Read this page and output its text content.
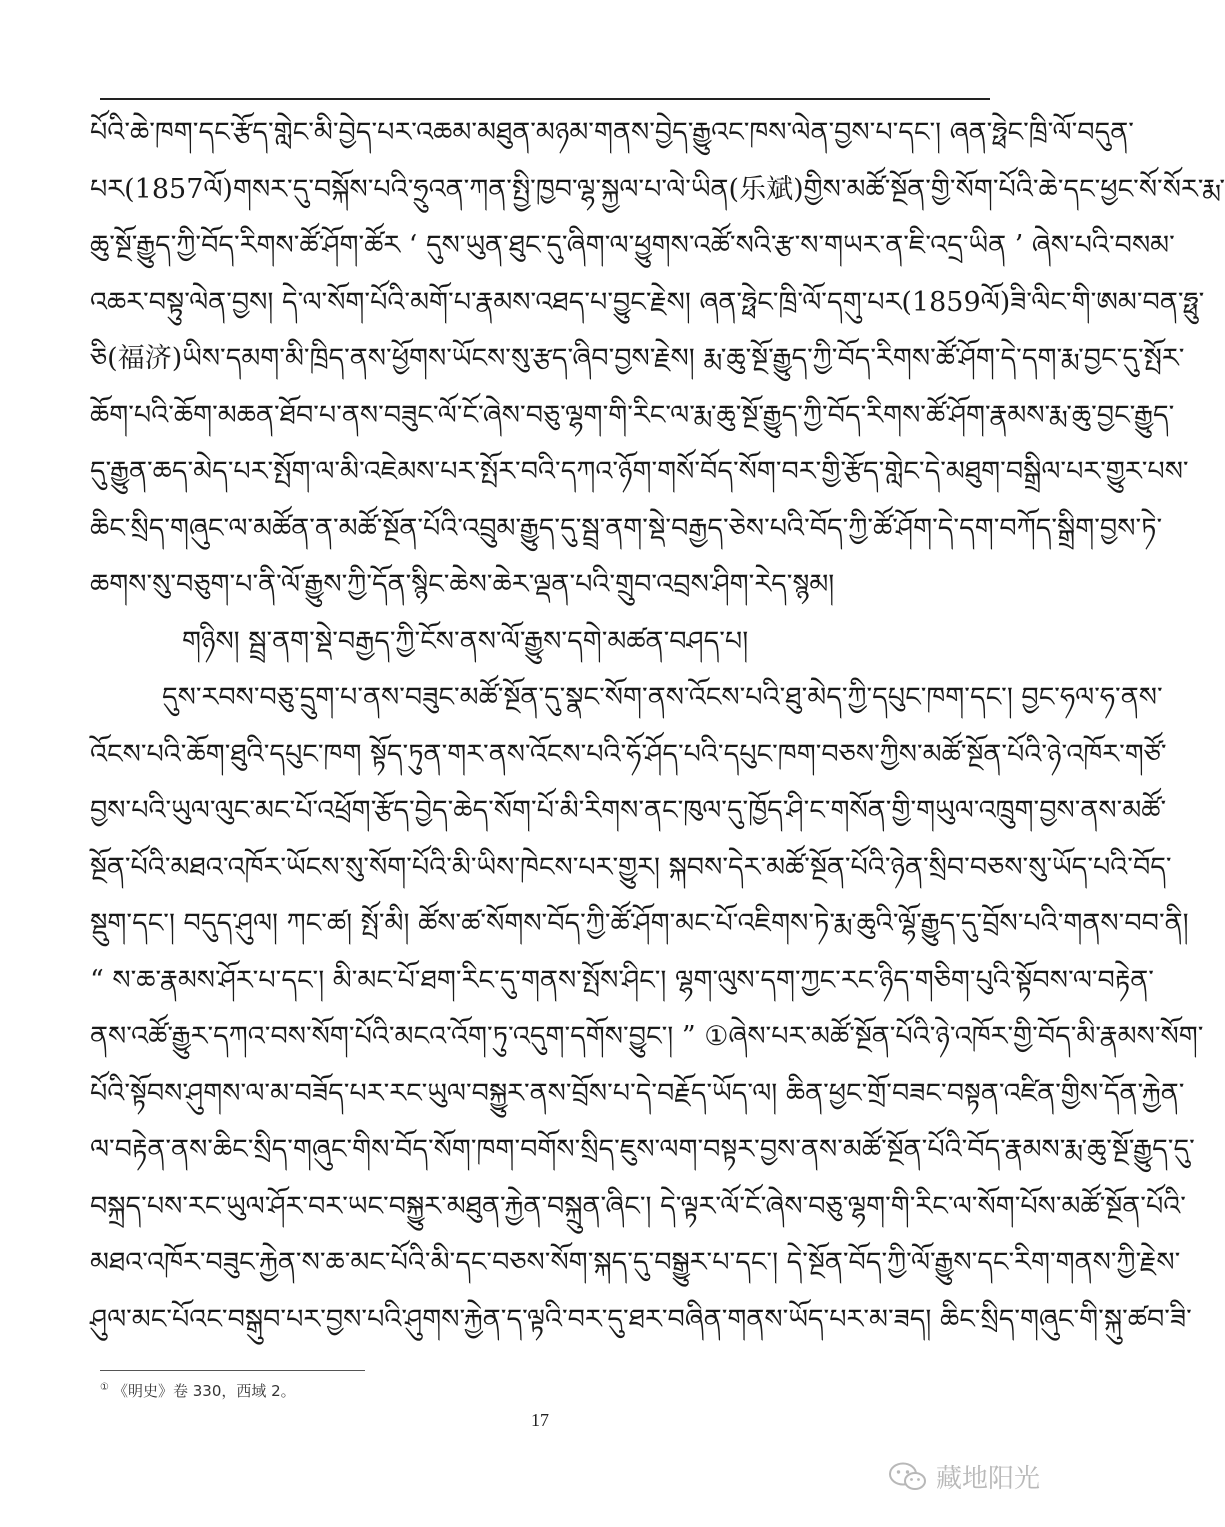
པོའི་ཆེ་ཁག་དང་རྩོད་གླེང་མི་བྱེད་པར་འཆམ་མཐུན་མཉམ་གནས་བྱེད་རྒྱུའང་ཁས་ལེན་བྱས་པ་དང་། ཞན་ཧྥེང་ཁྲི་ལོ་བདུན་
པར(1857ལོ)གསར་དུ་བསྐོས་པའི་ཧྲུའན་ཀན་སྤྱི་ཁྱབ་ལྷ་སྐྱལ་པ་ལེ་ཡིན(乐斌)གྱིས་མཚོ་སྔོན་གྱི་སོག་པོའི་ཆེ་དང་ཕྱང་སོ་སོར་རྨ་
ཆུ་སྔོ་རྒྱུད་ཀྱི་བོད་རིགས་ཚོ་ཤོག་ཚོར ‘ དུས་ཡུན་ཐུང་དུ་ཞིག་ལ་ཕྱུགས་འཚོ་སའི་རྩ་ས་གཡར་ན་ཇི་འདྲ་ཡིན ’ ཞེས་པའི་བསམ་
འཆར་བསྟུ་ལེན་བྱས། དེ་ལ་སོག་པོའི་མགོ་པ་རྣམས་འཐད་པ་བྱུང་རྗེས། ཞན་ཧྥེང་ཁྲི་ལོ་དགུ་པར(1859ལོ)ཟི་ལིང་གི་ཨམ་བན་ཧྥུ་
ཅི(福济)ཡིས་དམག་མི་ཁྲིད་ནས་ཕྱོགས་ཡོངས་སུ་རྩད་ཞིབ་བྱས་རྗེས། རྨ་ཆུ་སྔོ་རྒྱུད་ཀྱི་བོད་རིགས་ཚོ་ཤོག་དེ་དག་རྨ་བྱང་དུ་སྤོར་
ཆོག་པའི་ཆོག་མཆན་ཐོབ་པ་ནས་བཟུང་ལོ་ངོ་ཞེས་བཅུ་ལྷག་གི་རིང་ལ་རྨ་ཆུ་སྔོ་རྒྱུད་ཀྱི་བོད་རིགས་ཚོ་ཤོག་རྣམས་རྨ་ཆུ་བྱང་རྒྱུད་
དུ་རྒྱུན་ཆད་མེད་པར་སྤོག་ལ་མི་འཇེམས་པར་སྤོར་བའི་དཀའ་ཉོག་གསོ་བོད་སོག་བར་གྱི་རྩོད་གླེང་དེ་མཐུག་བསྒྲིལ་པར་གྱུར་པས་
ཆིང་སྲིད་གཞུང་ལ་མཚོན་ན་མཚོ་སྔོན་པོའི་འབྲུམ་རྒྱུད་དུ་སྦྲ་ནག་སྡེ་བརྒྱད་ཅེས་པའི་བོད་ཀྱི་ཚོ་ཤོག་དེ་དག་བཀོད་སྒྲིག་བྱས་ཏེ་
ཆགས་སུ་བཅུག་པ་ནི་ལོ་རྒྱུས་ཀྱི་དོན་སྙིང་ཆེས་ཆེར་ལྡན་པའི་གྲུབ་འབྲས་ཤིག་རེད་སྙམ།
གཉིས། སྦྲ་ནག་སྡེ་བརྒྱད་ཀྱི་ངོས་ནས་ལོ་རྒྱུས་དགེ་མཚན་བཤད་པ།
དུས་རབས་བཅུ་དྲུག་པ་ནས་བཟུང་མཚོ་སྔོན་དུ་སྣང་སོག་ནས་འོངས་པའི་ཐུ་མེད་ཀྱི་དཔུང་ཁག་དང་། བྱང་ཧལ་ཧ་ནས་
འོངས་པའི་ཆོག་ཐུའི་དཔུང་ཁག སྟོད་ཏུན་གར་ནས་འོངས་པའི་ཧོ་ཤོད་པའི་དཔུང་ཁག་བཅས་ཀྱིས་མཚོ་སྔོན་པོའི་ཉེ་འཁོར་གཙོ་
བྱས་པའི་ཡུལ་ལུང་མང་པོ་འཕྲོག་རྩོད་བྱེད་ཆེད་སོག་པོ་མི་རིགས་ནང་ཁུལ་དུ་ཁྱོད་ཤི་ང་གསོན་གྱི་གཡུལ་འཁྲུག་བྱས་ནས་མཚོ་
སྔོན་པོའི་མཐའ་འཁོར་ཡོངས་སུ་སོག་པོའི་མི་ཡིས་ཁེངས་པར་གྱུར། སྐབས་དེར་མཚོ་སྔོན་པོའི་ཉེན་སྲིབ་བཅས་སུ་ཡོད་པའི་བོད་
སྡུག་དང་། བདུད་ཤུལ། ཀང་ཚ། སྤོ་མི། ཚོས་ཚ་སོགས་བོད་ཀྱི་ཚོ་ཤོག་མང་པོ་འཇིགས་ཏེ་རྨ་ཆུའི་ལྷོ་རྒྱུད་དུ་བྲོས་པའི་གནས་བབ་ནི།
“ ས་ཆ་རྣམས་ཤོར་པ་དང་། མི་མང་པོ་ཐག་རིང་དུ་གནས་སྤོས་ཤིང་། ལྷག་ལུས་དག་ཀྱང་རང་ཉིད་གཅིག་པུའི་སྟོབས་ལ་བརྟེན་
ནས་འཚོ་རྒྱུར་དཀའ་བས་སོག་པོའི་མངའ་འོག་ཏུ་འདུག་དགོས་བྱུང་། ” ①ཞེས་པར་མཚོ་སྔོན་པོའི་ཉེ་འཁོར་གྱི་བོད་མི་རྣམས་སོག་
པོའི་སྟོབས་ཤུགས་ལ་མ་བཟོད་པར་རང་ཡུལ་བསྐྱུར་ནས་བྲོས་པ་དེ་བརྗོད་ཡོད་ལ། ཆིན་ཕྱང་གྲོ་བཟང་བསྟན་འཛིན་གྱིས་དོན་རྐྱེན་
ལ་བརྟེན་ནས་ཆིང་སྲིད་གཞུང་གིས་བོད་སོག་ཁག་བགོས་སྲིད་ཇུས་ལག་བསྟར་བྱས་ནས་མཚོ་སྔོན་པོའི་བོད་རྣམས་རྨ་ཆུ་སྔོ་རྒྱུད་དུ་
བསྐྲད་པས་རང་ཡུལ་ཤོར་བར་ཡང་བསྐྱུར་མཐུན་རྐྱེན་བསྐྲུན་ཞིང་། དེ་ལྟར་ལོ་ངོ་ཞེས་བཅུ་ལྷག་གི་རིང་ལ་སོག་པོས་མཚོ་སྔོན་པོའི་
མཐའ་འཁོར་བཟུང་རྐྱེན་ས་ཆ་མང་པོའི་མི་དང་བཅས་སོག་སྐད་དུ་བསྒྱུར་པ་དང་། དེ་སྔོན་བོད་ཀྱི་ལོ་རྒྱུས་དང་རིག་གནས་ཀྱི་རྗེས་
ཤུལ་མང་པོའང་བསྒུབ་པར་བྱས་པའི་ཤུགས་རྐྱེན་ད་ལྟའི་བར་དུ་ཐར་བཞིན་གནས་ཡོད་པར་མ་ཟད། ཆིང་སྲིད་གཞུང་གི་སྐུ་ཚབ་ཟི་
① 《明史》卷 330，西域 2。
17
藏地阳光
